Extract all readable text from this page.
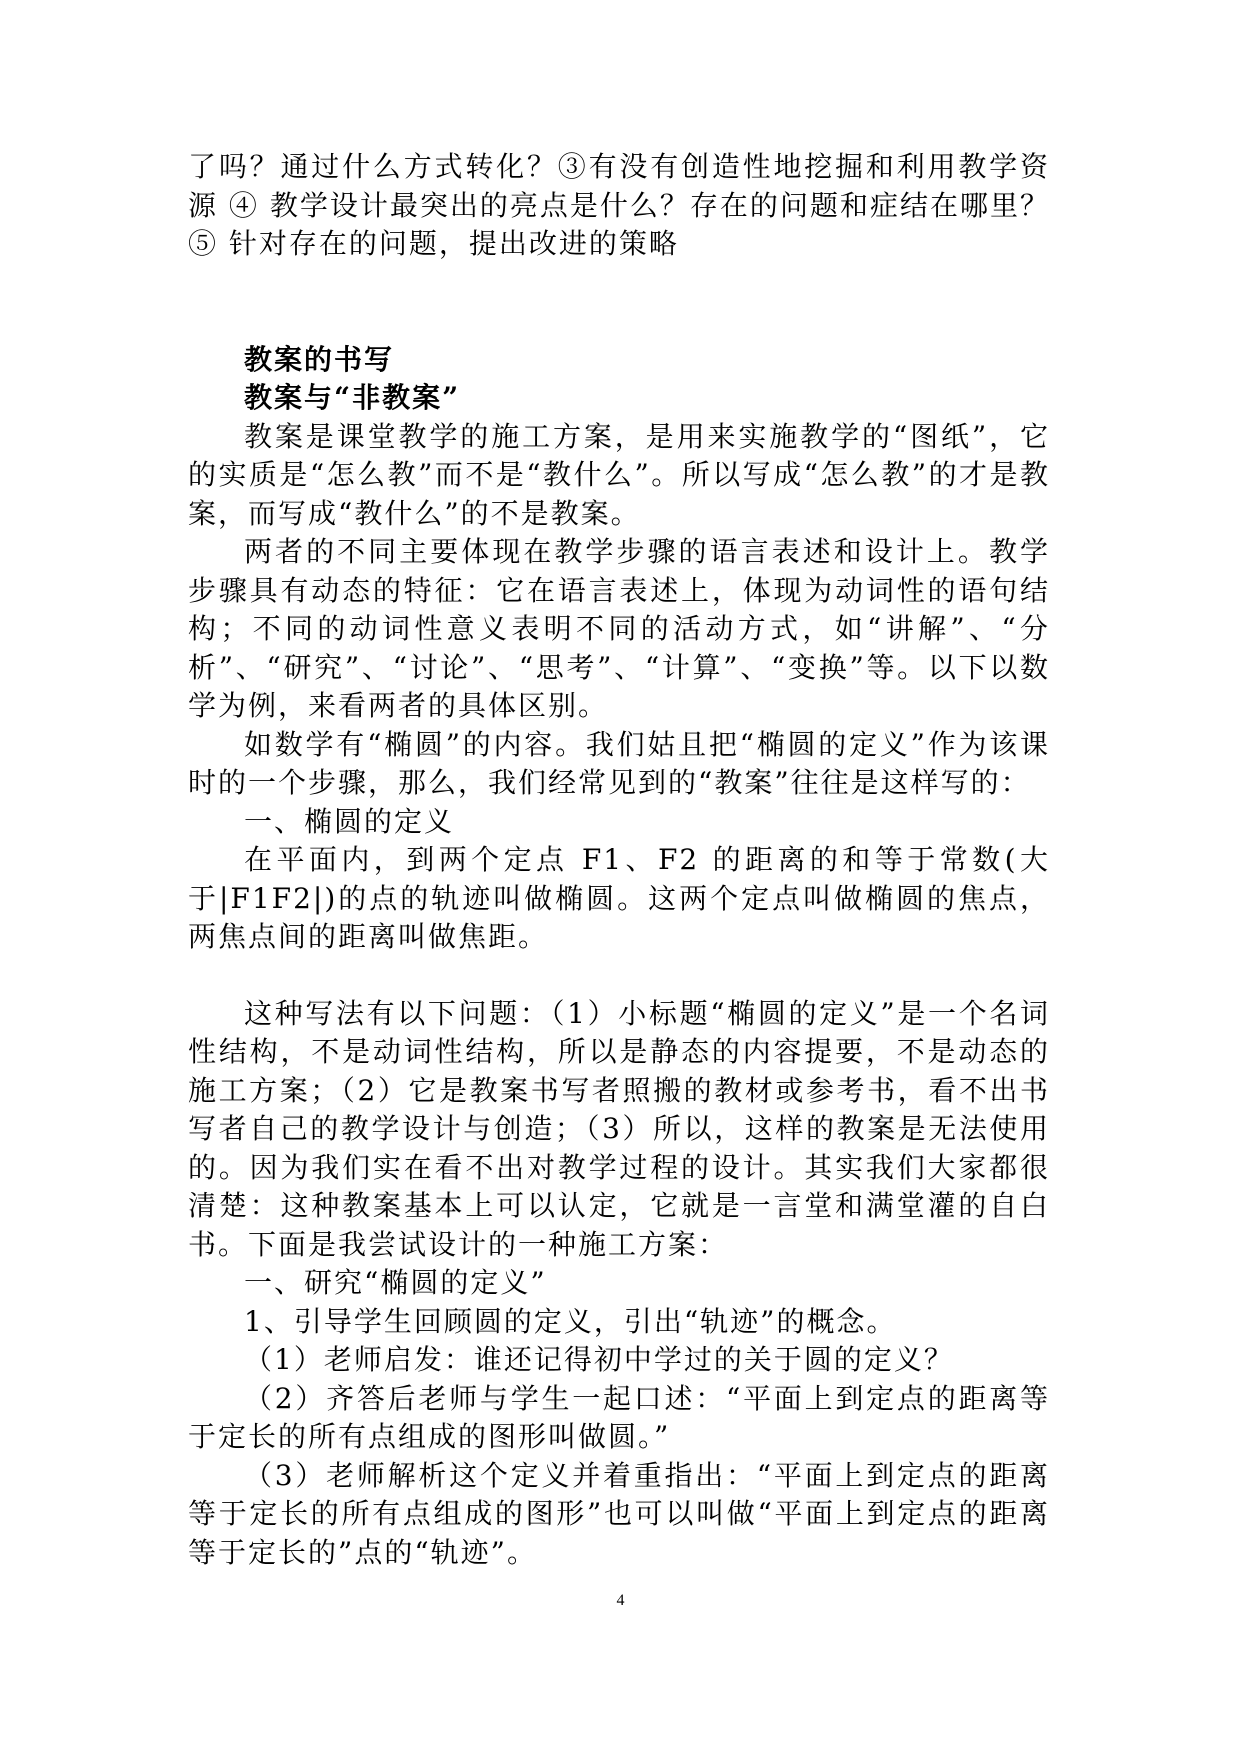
了吗？通过什么方式转化？③有没有创造性地挖掘和利用教学资源 ④ 教学设计最突出的亮点是什么？存在的问题和症结在哪里？⑤ 针对存在的问题，提出改进的策略

教案的书写

教案与“非教案”

教案是课堂教学的施工方案，是用来实施教学的“图纸”，它的实质是“怎么教”而不是“教什么”。所以写成“怎么教”的才是教案，而写成“教什么”的不是教案。

两者的不同主要体现在教学步骤的语言表述和设计上。教学步骤具有动态的特征：它在语言表述上，体现为动词性的语句结构；不同的动词性意义表明不同的活动方式，如“讲解”、“分析”、“研究”、“讨论”、“思考”、“计算”、“变换”等。以下以数学为例，来看两者的具体区别。

如数学有“椭圆”的内容。我们姑且把“椭圆的定义”作为该课时的一个步骤，那么，我们经常见到的“教案”往往是这样写的：

一、椭圆的定义

在平面内，到两个定点 F1、F2 的距离的和等于常数(大于|F1F2|)的点的轨迹叫做椭圆。这两个定点叫做椭圆的焦点，两焦点间的距离叫做焦距。

这种写法有以下问题：（1）小标题“椭圆的定义”是一个名词性结构，不是动词性结构，所以是静态的内容提要，不是动态的施工方案；（2）它是教案书写者照搬的教材或参考书，看不出书写者自己的教学设计与创造；（3）所以，这样的教案是无法使用的。因为我们实在看不出对教学过程的设计。其实我们大家都很清楚：这种教案基本上可以认定，它就是一言堂和满堂灌的自白书。下面是我尝试设计的一种施工方案：

一、研究“椭圆的定义”

1、引导学生回顾圆的定义，引出“轨迹”的概念。

（1）老师启发：谁还记得初中学过的关于圆的定义？

（2）齐答后老师与学生一起口述：“平面上到定点的距离等于定长的所有点组成的图形叫做圆。”

（3）老师解析这个定义并着重指出：“平面上到定点的距离等于定长的所有点组成的图形”也可以叫做“平面上到定点的距离等于定长的”点的“轨迹”。

4
